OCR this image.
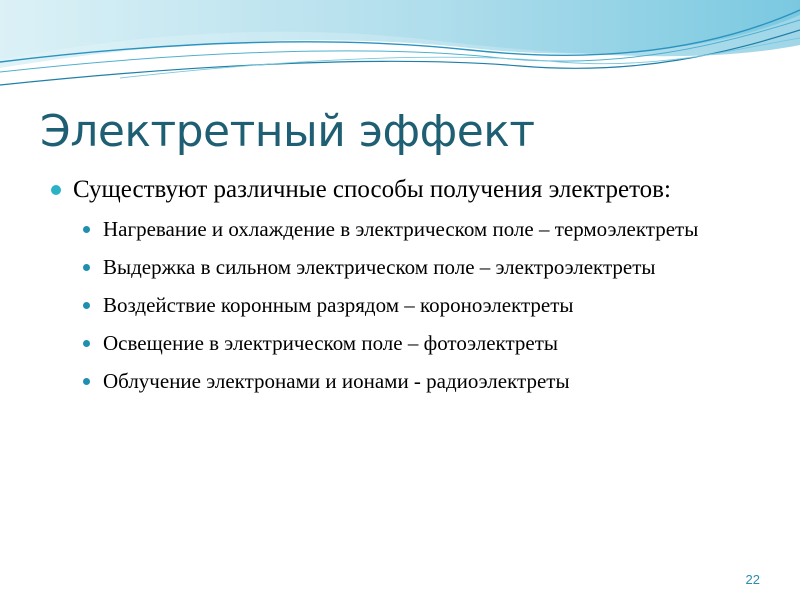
Электретный эффект
Существуют различные способы получения электретов:
Нагревание и охлаждение в электрическом поле – термоэлектреты
Выдержка в сильном электрическом поле – электроэлектреты
Воздействие коронным разрядом – короноэлектреты
Освещение в электрическом поле – фотоэлектреты
Облучение электронами и ионами - радиоэлектреты
22
